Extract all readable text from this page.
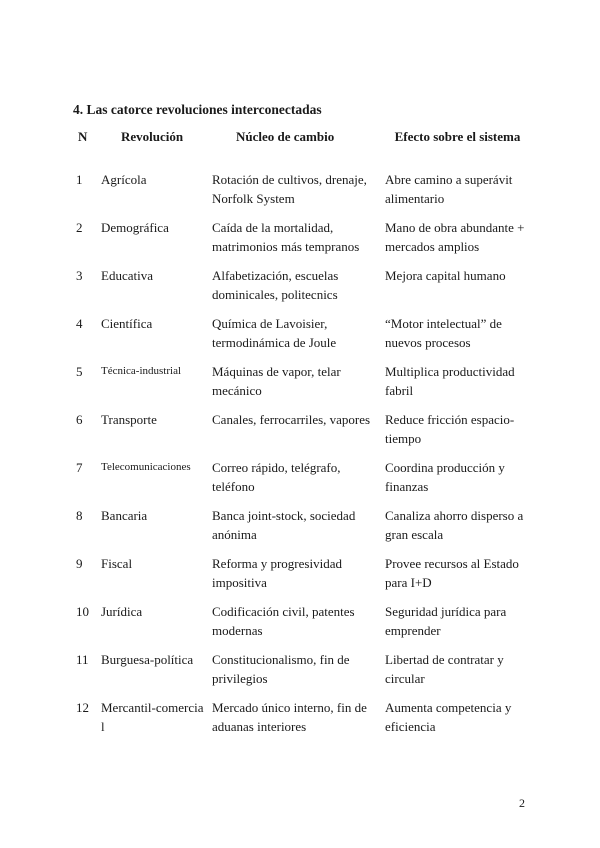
4. Las catorce revoluciones interconectadas
N	Revolución	Núcleo de cambio	Efecto sobre el sistema
1	Agrícola	Rotación de cultivos, drenaje, Norfolk System	Abre camino a superávit alimentario
2	Demográfica	Caída de la mortalidad, matrimonios más tempranos	Mano de obra abundante + mercados amplios
3	Educativa	Alfabetización, escuelas dominicales, politecnics	Mejora capital humano
4	Científica	Química de Lavoisier, termodinámica de Joule	“Motor intelectual” de nuevos procesos
5	Técnica-industrial	Máquinas de vapor, telar mecánico	Multiplica productividad fabril
6	Transporte	Canales, ferrocarriles, vapores	Reduce fricción espacio-tiempo
7	Telecomunicaciones	Correo rápido, telégrafo, teléfono	Coordina producción y finanzas
8	Bancaria	Banca joint-stock, sociedad anónima	Canaliza ahorro disperso a gran escala
9	Fiscal	Reforma y progresividad impositiva	Provee recursos al Estado para I+D
10	Jurídica	Codificación civil, patentes modernas	Seguridad jurídica para emprender
11	Burguesa-política	Constitucionalismo, fin de privilegios	Libertad de contratar y circular
12	Mercantil-comercial	Mercado único interno, fin de aduanas interiores	Aumenta competencia y eficiencia
2
